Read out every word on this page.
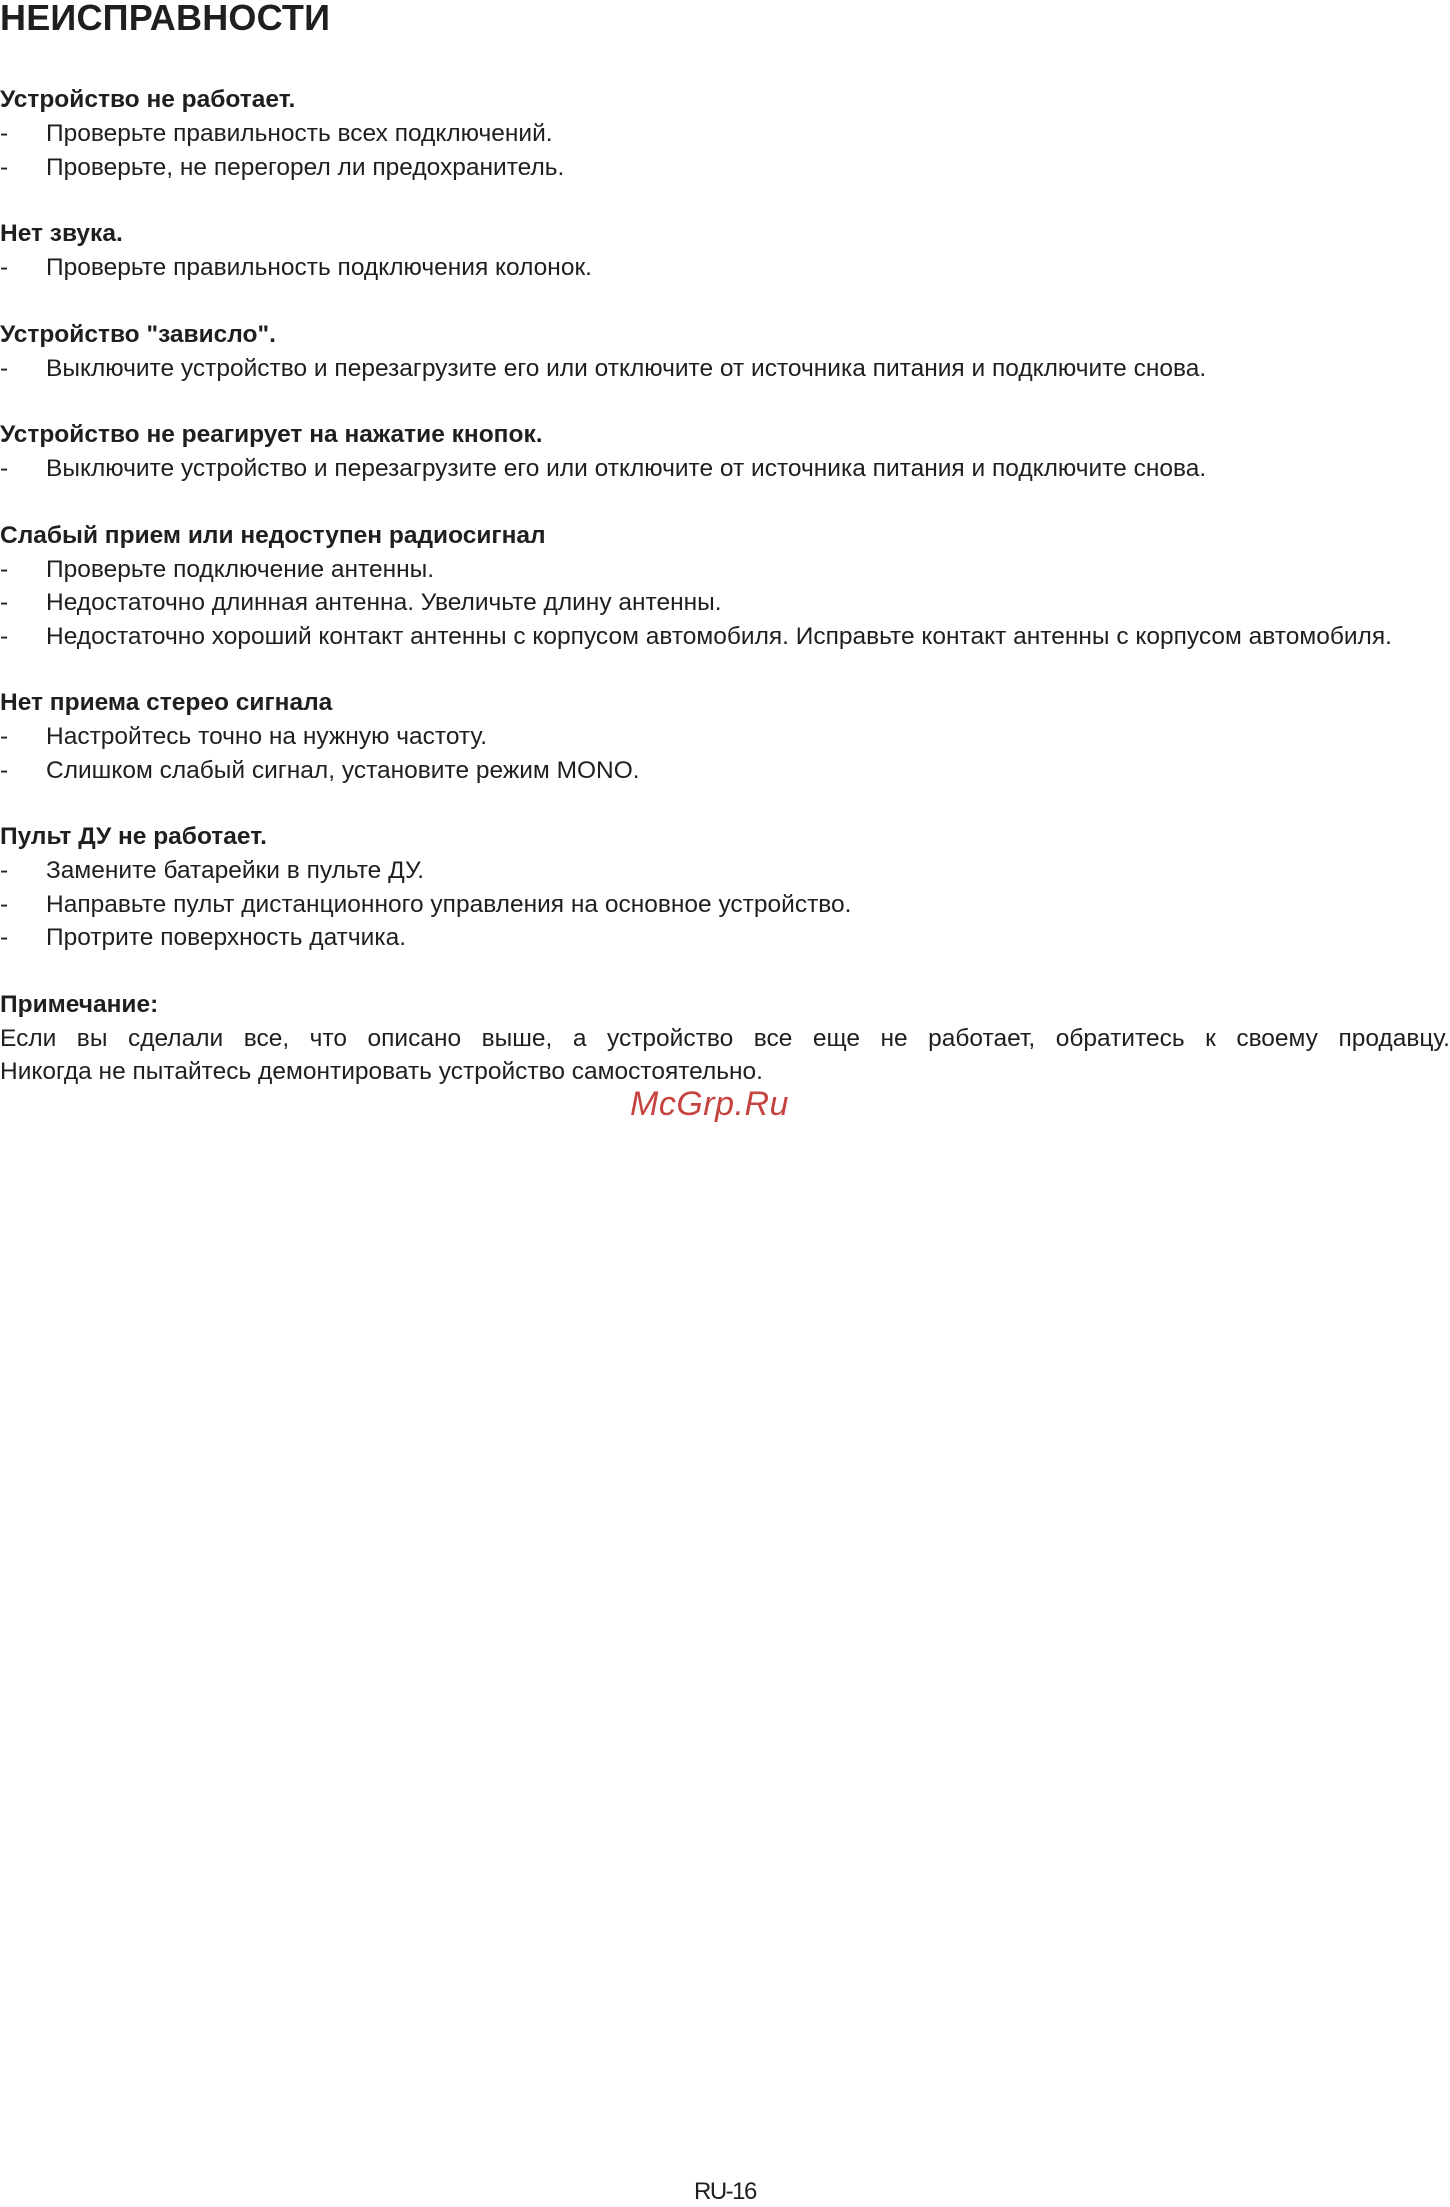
НЕИСПРАВНОСТИ
Устройство не работает.
- Проверьте правильность всех подключений.
- Проверьте, не перегорел ли предохранитель.
Нет звука.
- Проверьте правильность подключения колонок.
Устройство "зависло".
- Выключите устройство и перезагрузите его или отключите от источника питания и подключите снова.
Устройство не реагирует на нажатие кнопок.
- Выключите устройство и перезагрузите его или отключите от источника питания и подключите снова.
Слабый прием или недоступен радиосигнал
- Проверьте подключение антенны.
- Недостаточно длинная антенна. Увеличьте длину антенны.
- Недостаточно хороший контакт антенны с корпусом автомобиля. Исправьте контакт антенны с корпусом автомобиля.
Нет приема стерео сигнала
- Настройтесь точно на нужную частоту.
- Слишком слабый сигнал, установите режим MONO.
Пульт ДУ не работает.
- Замените батарейки в пульте ДУ.
- Направьте пульт дистанционного управления на основное устройство.
- Протрите поверхность датчика.
Примечание:
Если вы сделали все, что описано выше, а устройство все еще не работает, обратитесь к своему продавцу.
Никогда не пытайтесь демонтировать устройство самостоятельно.
McGrp.Ru
RU-16
